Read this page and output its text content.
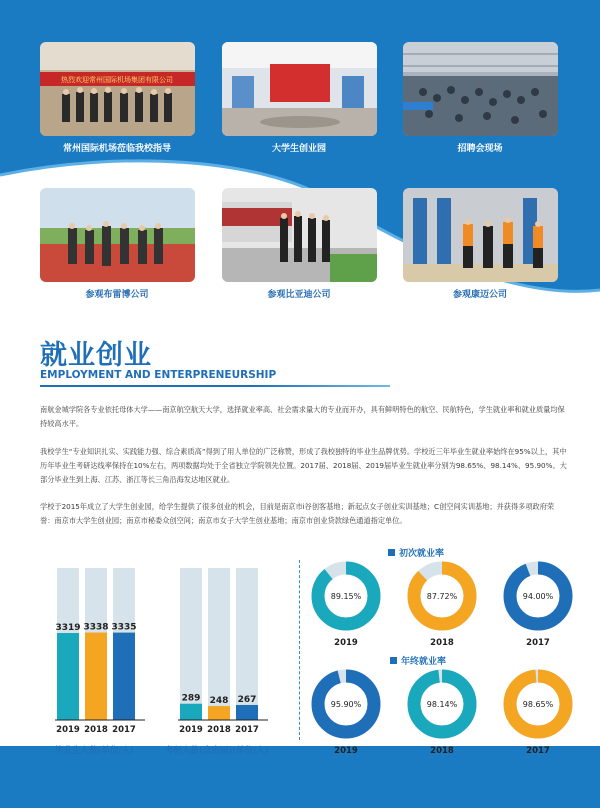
热烈欢迎常州国际机场集团有限公司
常州国际机场莅临我校指导	大学生创业园	招聘会现场
参观布雷博公司	参观比亚迪公司	参观康迈公司
就业创业
EMPLOYMENT AND ENTERPRENEURSHIP
南航金城学院各专业依托母体大学——南京航空航天大学，选择就业率高、社会需求量大的专业而开办，具有鲜明特色的航空、民航特色，学生就业率和就业质量均保持较高水平。
我校学生“专业知识扎实、实践能力强、综合素质高”得到了用人单位的广泛称赞，形成了我校独特的毕业生品牌优势。学校近三年毕业生就业率始终在95%以上，其中历年毕业生考研达线率保持在10%左右，两项数据均处于全省独立学院领先位置。2017届、2018届、2019届毕业生就业率分别为98.65%、98.14%、95.90%。大部分毕业生到上海、江苏、浙江等长三角沿海发达地区就业。
学校于2015年成立了大学生创业园，给学生提供了很多创业的机会，目前是南京市i谷创客基地；新起点女子创业实训基地；C创空间实训基地；并获得多项政府荣誉：南京市大学生创业园；南京市秘委众创空间；南京市女子大学生创业基地；南京市创业贷款绿色通道指定单位。
3319
2019
3338
2018
3335
2017
毕业生人数(单位/人)
289
2019
248
2018
267
2017
考研人数(含出国)(单位/人)
初次就业率
89.15%
2019
87.72%
2018
94.00%
2017
年终就业率
95.90%
2019
98.14%
2018
98.65%
2017
